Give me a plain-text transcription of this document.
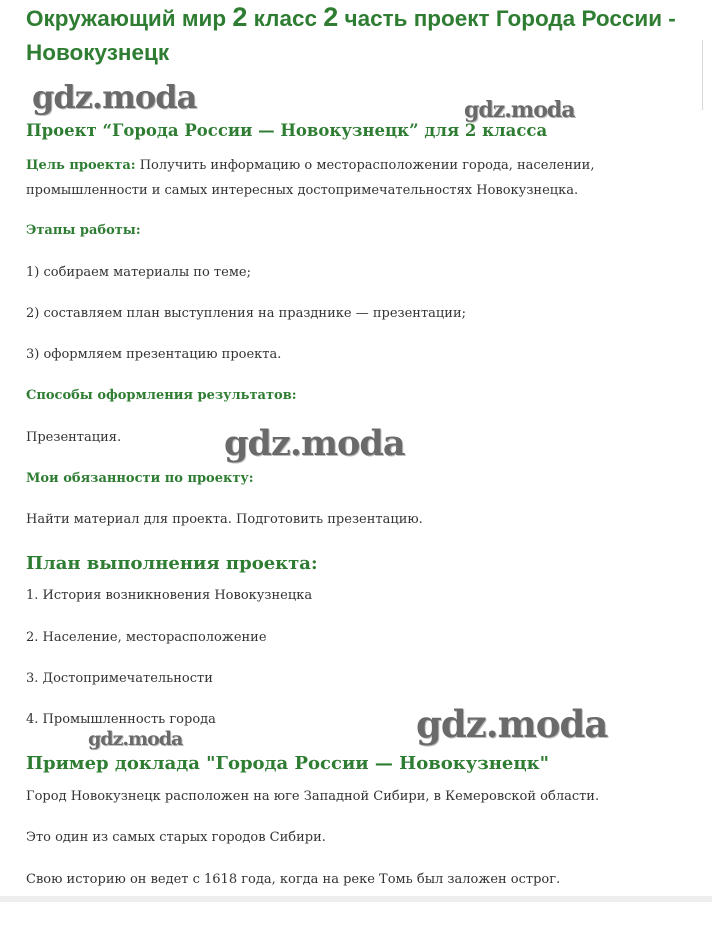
Окружающий мир 2 класс 2 часть проект Города России - Новокузнецк
gdz.moda	gdz.moda
Проект “Города России — Новокузнецк” для 2 класса

Цель проекта: Получить информацию о месторасположении города, населении, промышленности и самых интересных достопримечательностях Новокузнецка.

Этапы работы:

1) собираем материалы по теме;

2) составляем план выступления на празднике — презентации;

3) оформляем презентацию проекта.

Способы оформления результатов:

Презентация.	gdz.moda

Мои обязанности по проекту:

Найти материал для проекта. Подготовить презентацию.

План выполнения проекта:

1. История возникновения Новокузнецка

2. Население, месторасположение

3. Достопримечательности

4. Промышленность города

gdz.moda	gdz.moda
Пример доклада "Города России — Новокузнецк"

Город Новокузнецк расположен на юге Западной Сибири, в Кемеровской области.

Это один из самых старых городов Сибири.

Свою историю он ведет с 1618 года, когда на реке Томь был заложен острог.
